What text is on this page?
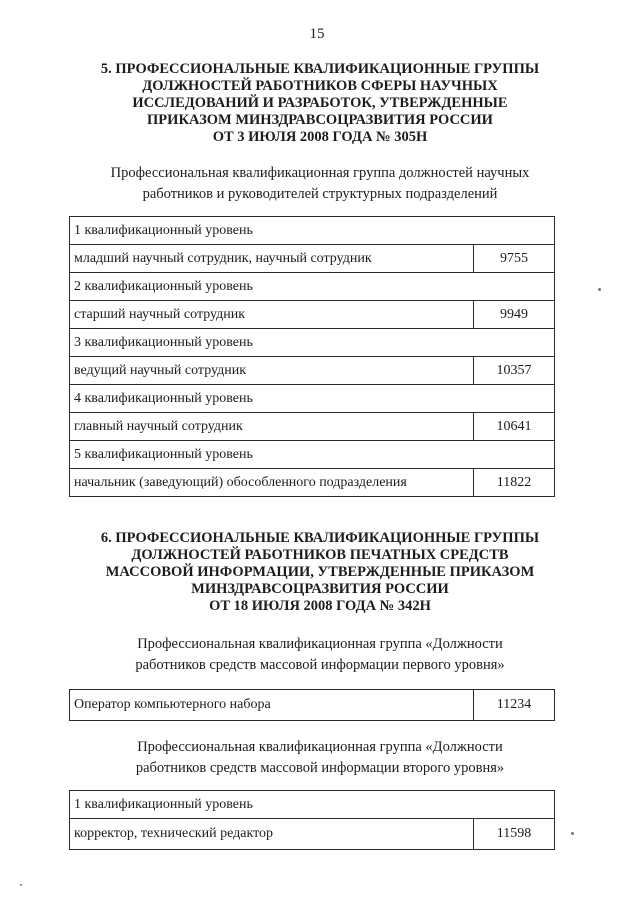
15
5. ПРОФЕССИОНАЛЬНЫЕ КВАЛИФИКАЦИОННЫЕ ГРУППЫ
ДОЛЖНОСТЕЙ РАБОТНИКОВ СФЕРЫ НАУЧНЫХ
ИССЛЕДОВАНИЙ И РАЗРАБОТОК, УТВЕРЖДЕННЫЕ
ПРИКАЗОМ МИНЗДРАВСОЦРАЗВИТИЯ РОССИИ
ОТ 3 ИЮЛЯ 2008 ГОДА № 305Н
Профессиональная квалификационная группа должностей научных
работников и руководителей структурных подразделений
1 квалификационный уровень	
младший научный сотрудник, научный сотрудник	9755
2 квалификационный уровень	
старший научный сотрудник	9949
3 квалификационный уровень	
ведущий научный сотрудник	10357
4 квалификационный уровень	
главный научный сотрудник	10641
5 квалификационный уровень	
начальник (заведующий) обособленного подразделения	11822
6. ПРОФЕССИОНАЛЬНЫЕ КВАЛИФИКАЦИОННЫЕ ГРУППЫ
ДОЛЖНОСТЕЙ РАБОТНИКОВ ПЕЧАТНЫХ СРЕДСТВ
МАССОВОЙ ИНФОРМАЦИИ, УТВЕРЖДЕННЫЕ ПРИКАЗОМ
МИНЗДРАВСОЦРАЗВИТИЯ РОССИИ
ОТ 18 ИЮЛЯ 2008 ГОДА № 342Н
Профессиональная квалификационная группа «Должности
работников средств массовой информации первого уровня»
Оператор компьютерного набора	11234
Профессиональная квалификационная группа «Должности
работников средств массовой информации второго уровня»
1 квалификационный уровень
корректор, технический редактор	11598
